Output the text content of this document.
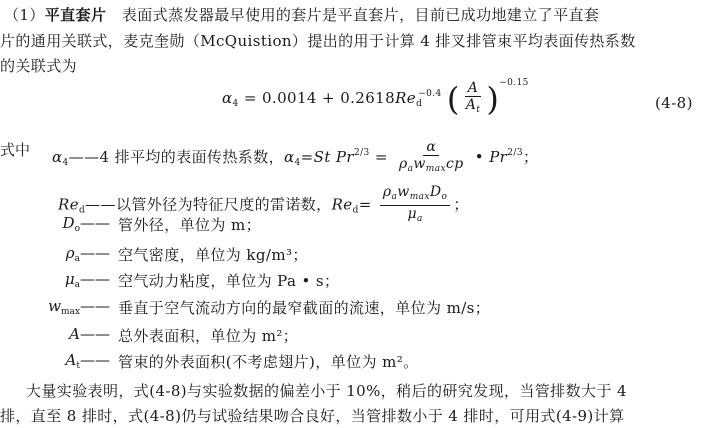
（1）平直套片 表面式蒸发器最早使用的套片是平直套片，目前已成功地建立了平直套
片的通用关联式，麦克奎勋（McQuistion）提出的用于计算 4 排叉排管束平均表面传热系数
的关联式为
$\alpha_4 = 0.0014 + 0.2618Re_d^{-0.4}$ ( $\frac{A}{A_t} )^{-0.15}$
(4-8)
式中 $\alpha_4——4$ 排平均的表面传热系数，$\alpha_4=St$ $Pr^{2/3} = \frac{\alpha}{\rho_aw_{max}cp}$ • $Pr^{2/3}$；
$Re_d——$以管外径为特征尺度的雷诺数，$Re_d= \frac{\rho_aw_{max}D_o}{\mu_a}$ ；
$D_o——$ 管外径，单位为 m；
$\rho_a——$ 空气密度，单位为 kg/m³；
$\mu_a——$ 空气动力粘度，单位为 Pa • s；
$w_{max}——$ 垂直于空气流动方向的最窄截面的流速，单位为 m/s；
A—— 总外表面积，单位为 m²；
$A_t——$ 管束的外表面积(不考虑翅片)，单位为 m²。
大量实验表明，式(4-8)与实验数据的偏差小于 10%，稍后的研究发现，当管排数大于 4
排，直至 8 排时，式(4-8)仍与试验结果吻合良好，当管排数小于 4 排时，可用式(4-9)计算
